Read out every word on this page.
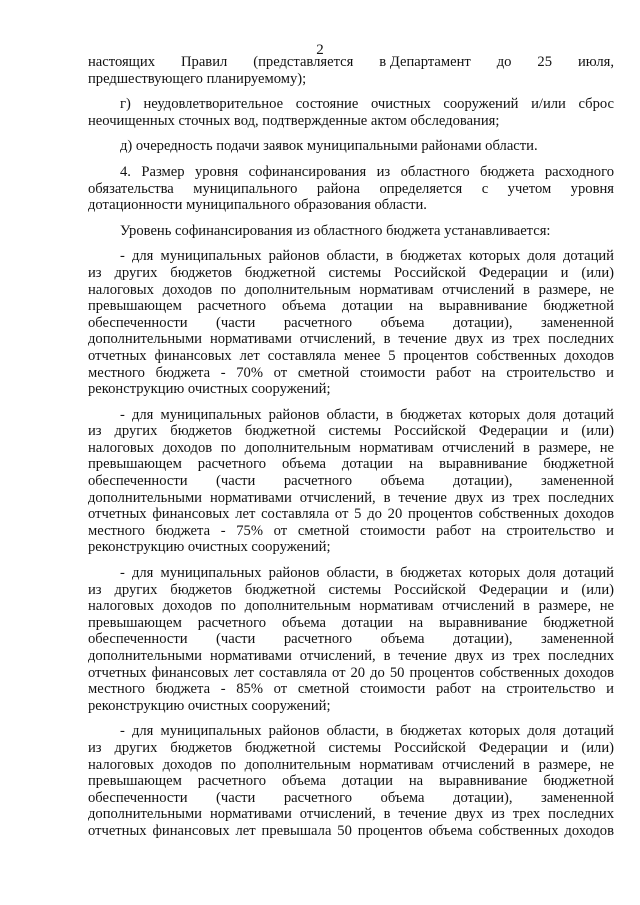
2
настоящих Правил (представляется в Департамент до 25 июля,
предшествующего планируемому);
г) неудовлетворительное состояние очистных сооружений и/или сброс
неочищенных сточных вод, подтвержденные актом обследования;
д) очередность подачи заявок муниципальными районами области.
4. Размер уровня софинансирования из областного бюджета расходного
обязательства муниципального района определяется с учетом уровня
дотационности муниципального образования области.
Уровень софинансирования из областного бюджета устанавливается:
- для муниципальных районов области, в бюджетах которых доля дотаций
из других бюджетов бюджетной системы Российской Федерации и (или)
налоговых доходов по дополнительным нормативам отчислений в размере, не
превышающем расчетного объема дотации на выравнивание бюджетной
обеспеченности (части расчетного объема дотации), замененной
дополнительными нормативами отчислений, в течение двух из трех последних
отчетных финансовых лет составляла менее 5 процентов собственных доходов
местного бюджета - 70% от сметной стоимости работ на строительство и
реконструкцию очистных сооружений;
- для муниципальных районов области, в бюджетах которых доля дотаций
из других бюджетов бюджетной системы Российской Федерации и (или)
налоговых доходов по дополнительным нормативам отчислений в размере, не
превышающем расчетного объема дотации на выравнивание бюджетной
обеспеченности (части расчетного объема дотации), замененной
дополнительными нормативами отчислений, в течение двух из трех последних
отчетных финансовых лет составляла от 5 до 20 процентов собственных доходов
местного бюджета - 75% от сметной стоимости работ на строительство и
реконструкцию очистных сооружений;
- для муниципальных районов области, в бюджетах которых доля дотаций
из других бюджетов бюджетной системы Российской Федерации и (или)
налоговых доходов по дополнительным нормативам отчислений в размере, не
превышающем расчетного объема дотации на выравнивание бюджетной
обеспеченности (части расчетного объема дотации), замененной
дополнительными нормативами отчислений, в течение двух из трех последних
отчетных финансовых лет составляла от 20 до 50 процентов собственных доходов
местного бюджета - 85% от сметной стоимости работ на строительство и
реконструкцию очистных сооружений;
- для муниципальных районов области, в бюджетах которых доля дотаций
из других бюджетов бюджетной системы Российской Федерации и (или)
налоговых доходов по дополнительным нормативам отчислений в размере, не
превышающем расчетного объема дотации на выравнивание бюджетной
обеспеченности (части расчетного объема дотации), замененной
дополнительными нормативами отчислений, в течение двух из трех последних
отчетных финансовых лет превышала 50 процентов объема собственных доходов
